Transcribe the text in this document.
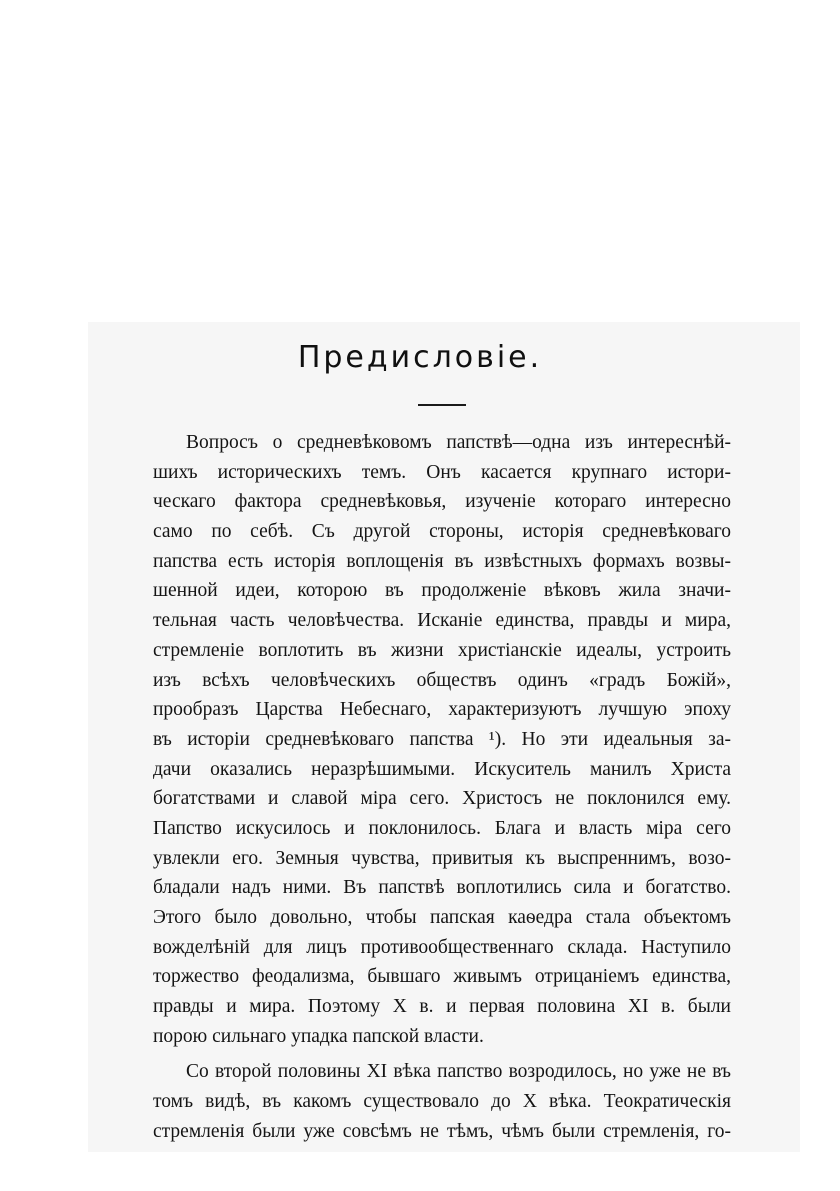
Предисловіе.
Вопросъ о средневѣковомъ папствѣ—одна изъ интереснѣй-
шихъ историческихъ темъ. Онъ касается крупнаго истори-
ческаго фактора средневѣковья, изученіе котораго интересно
само по себѣ. Съ другой стороны, исторія средневѣковаго
папства есть исторія воплощенія въ извѣстныхъ формахъ возвы-
шенной идеи, которою въ продолженіе вѣковъ жила значи-
тельная часть человѣчества. Исканіе единства, правды и мира,
стремленіе воплотить въ жизни христіанскіе идеалы, устроить
изъ всѣхъ человѣческихъ обществъ одинъ «градъ Божій»,
прообразъ Царства Небеснаго, характеризуютъ лучшую эпоху
въ исторіи средневѣковаго папства ¹). Но эти идеальныя за-
дачи оказались неразрѣшимыми. Искуситель манилъ Христа
богатствами и славой міра сего. Христосъ не поклонился ему.
Папство искусилось и поклонилось. Блага и власть міра сего
увлекли его. Земныя чувства, привитыя къ выспреннимъ, возо-
бладали надъ ними. Въ папствѣ воплотились сила и богатство.
Этого было довольно, чтобы папская каѳедра стала объектомъ
вожделѣній для лицъ противообщественнаго склада. Наступило
торжество феодализма, бывшаго живымъ отрицаніемъ единства,
правды и мира. Поэтому X в. и первая половина XI в. были
порою сильнаго упадка папской власти.
Со второй половины XI вѣка папство возродилось, но уже не въ
томъ видѣ, въ какомъ существовало до X вѣка. Теократическія
стремленія были уже совсѣмъ не тѣмъ, чѣмъ были стремленія, го-
